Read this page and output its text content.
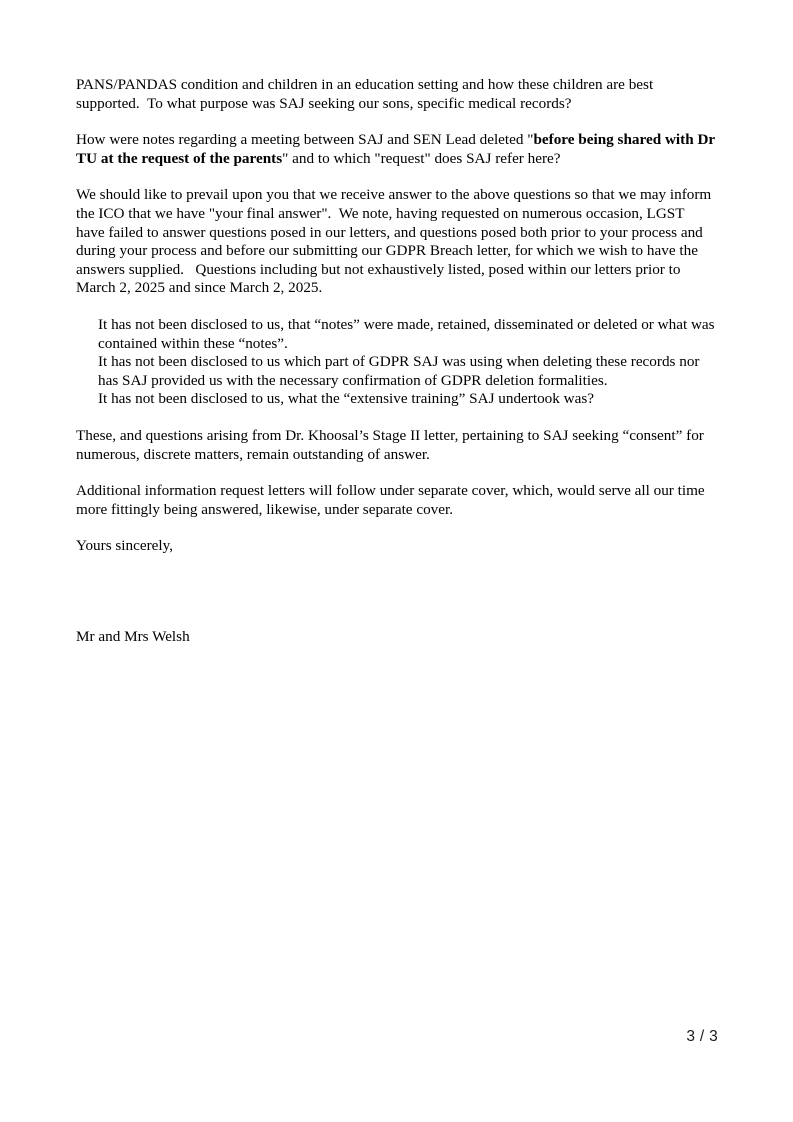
PANS/PANDAS condition and children in an education setting and how these children are best supported.  To what purpose was SAJ seeking our sons, specific medical records?

How were notes regarding a meeting between SAJ and SEN Lead deleted "before being shared with Dr TU at the request of the parents" and to which "request" does SAJ refer here?

We should like to prevail upon you that we receive answer to the above questions so that we may inform the ICO that we have "your final answer".  We note, having requested on numerous occasion, LGST have failed to answer questions posed in our letters, and questions posed both prior to your process and during your process and before our submitting our GDPR Breach letter, for which we wish to have the answers supplied.   Questions including but not exhaustively listed, posed within our letters prior to March 2, 2025 and since March 2, 2025.

It has not been disclosed to us, that “notes” were made, retained, disseminated or deleted or what was contained within these “notes”.

It has not been disclosed to us which part of GDPR SAJ was using when deleting these records nor has SAJ provided us with the necessary confirmation of GDPR deletion formalities.

It has not been disclosed to us, what the “extensive training” SAJ undertook was?

These, and questions arising from Dr. Khoosal’s Stage II letter, pertaining to SAJ seeking “consent” for numerous, discrete matters, remain outstanding of answer.

Additional information request letters will follow under separate cover, which, would serve all our time more fittingly being answered, likewise, under separate cover.

Yours sincerely,

Mr and Mrs Welsh
3 / 3
